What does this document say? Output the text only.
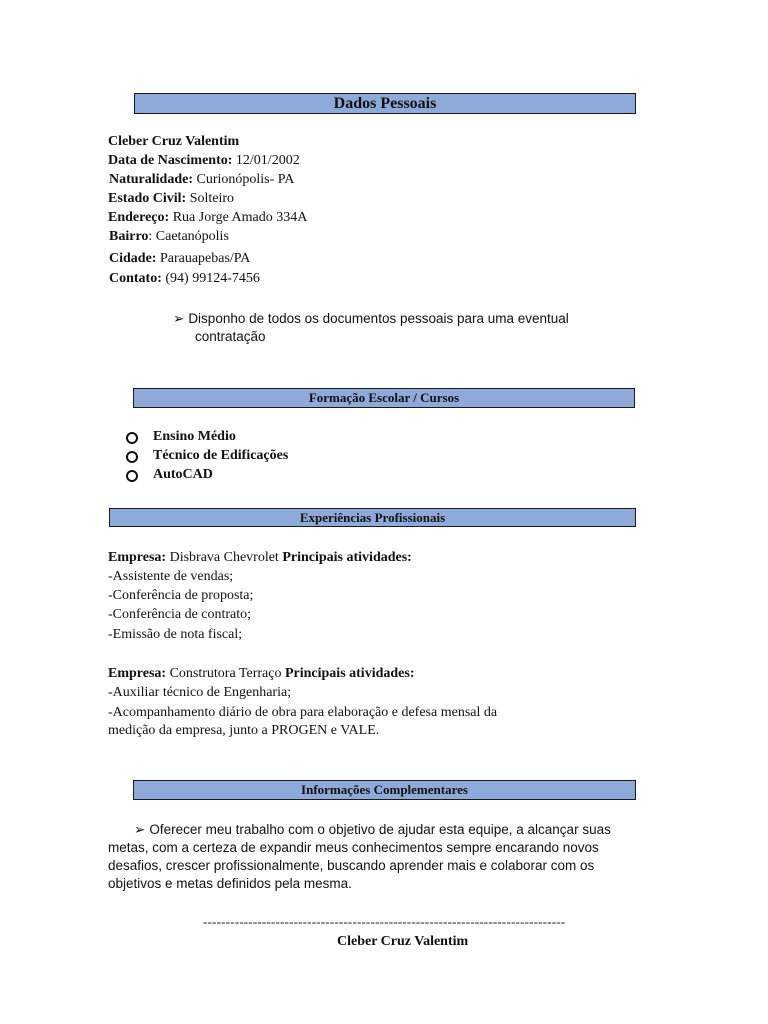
Dados Pessoais
Cleber Cruz Valentim
Data de Nascimento: 12/01/2002
Naturalidade: Curionópolis- PA
Estado Civil: Solteiro
Endereço: Rua Jorge Amado 334A
Bairro: Caetanópolis
Cidade: Parauapebas/PA
Contato: (94) 99124-7456
➢ Disponho de todos os documentos pessoais para uma eventual
contratação
Formação Escolar / Cursos
Ensino Médio
Técnico de Edificações
AutoCAD
Experiências Profissionais
Empresa: Disbrava Chevrolet Principais atividades:
-Assistente de vendas;
-Conferência de proposta;
-Conferência de contrato;
-Emissão de nota fiscal;
Empresa: Construtora Terraço Principais atividades:
-Auxiliar técnico de Engenharia;
-Acompanhamento diário de obra para elaboração e defesa mensal da
medição da empresa, junto a PROGEN e VALE.
Informações Complementares
➢ Oferecer meu trabalho com o objetivo de ajudar esta equipe, a alcançar suas
metas, com a certeza de expandir meus conhecimentos sempre encarando novos
desafios, crescer profissionalmente, buscando aprender mais e colaborar com os
objetivos e metas definidos pela mesma.
--------------------------------------------------------------------------------
Cleber Cruz Valentim
